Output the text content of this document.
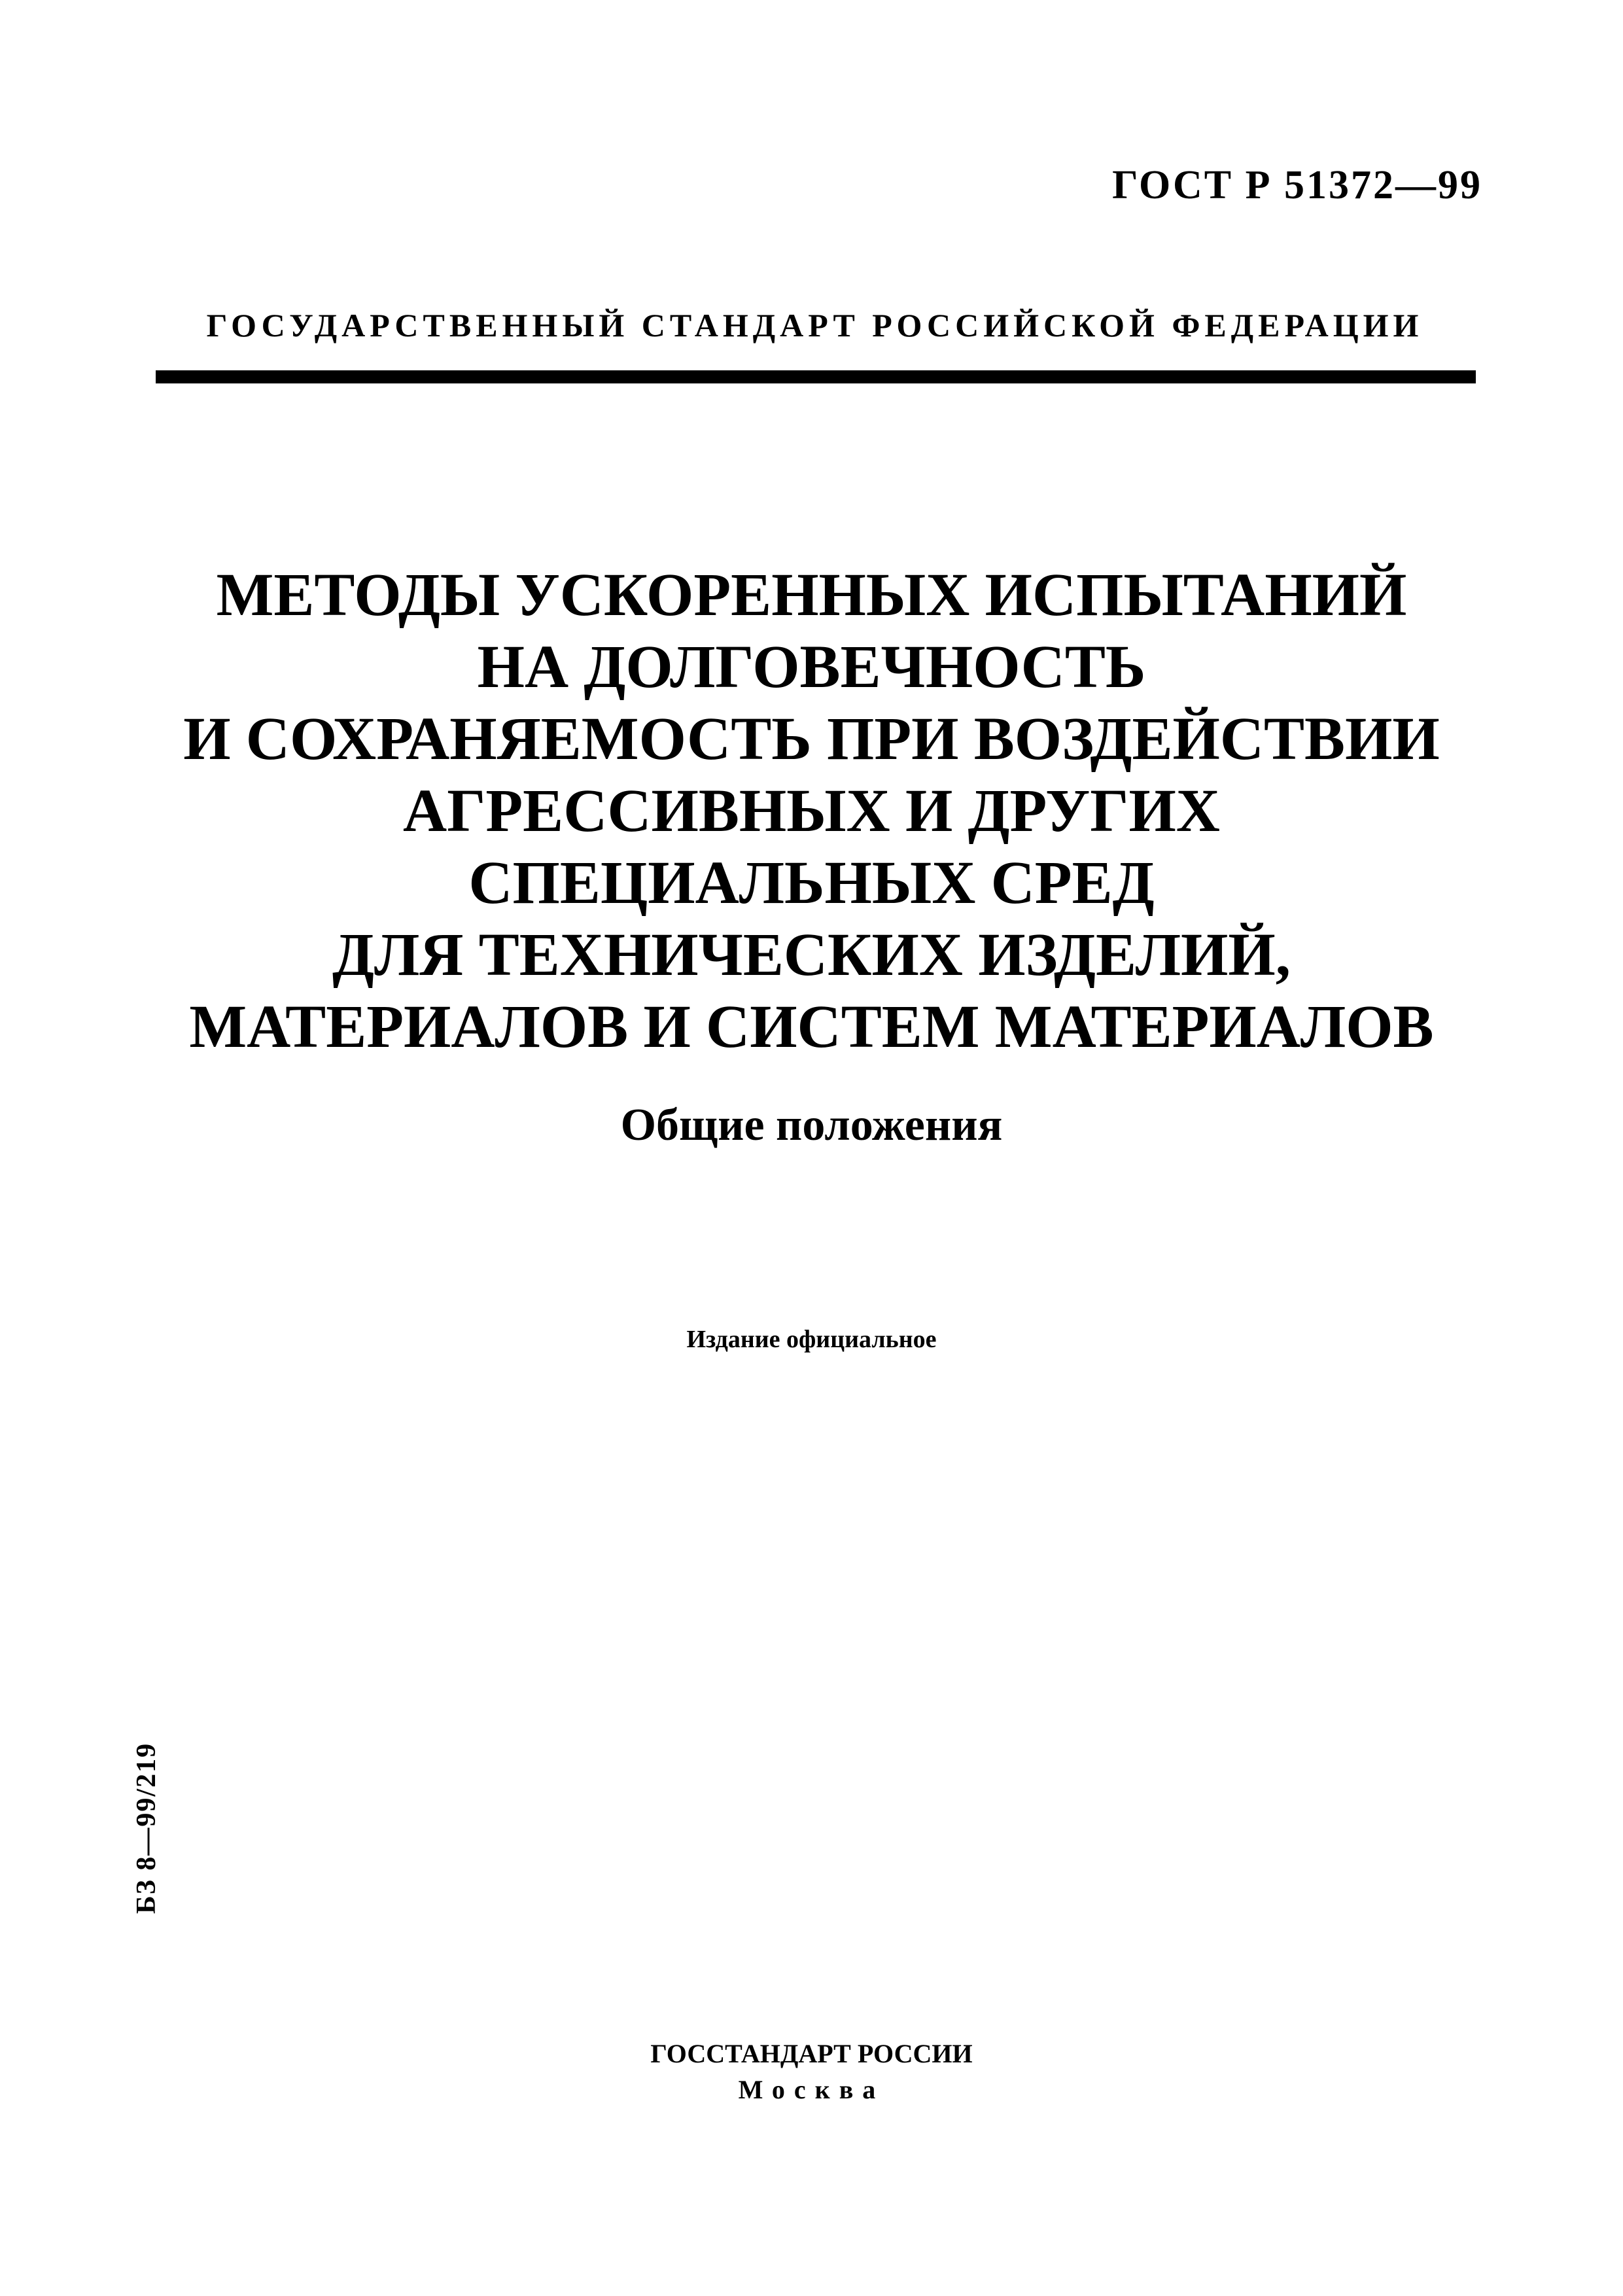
ГОСТ Р 51372—99
ГОСУДАРСТВЕННЫЙ СТАНДАРТ РОССИЙСКОЙ ФЕДЕРАЦИИ
МЕТОДЫ УСКОРЕННЫХ ИСПЫТАНИЙ
НА ДОЛГОВЕЧНОСТЬ
И СОХРАНЯЕМОСТЬ ПРИ ВОЗДЕЙСТВИИ
АГРЕССИВНЫХ И ДРУГИХ
СПЕЦИАЛЬНЫХ СРЕД
ДЛЯ ТЕХНИЧЕСКИХ ИЗДЕЛИЙ,
МАТЕРИАЛОВ И СИСТЕМ МАТЕРИАЛОВ
Общие положения
Издание официальное
БЗ 8—99/219
ГОССТАНДАРТ РОССИИ
Москва
